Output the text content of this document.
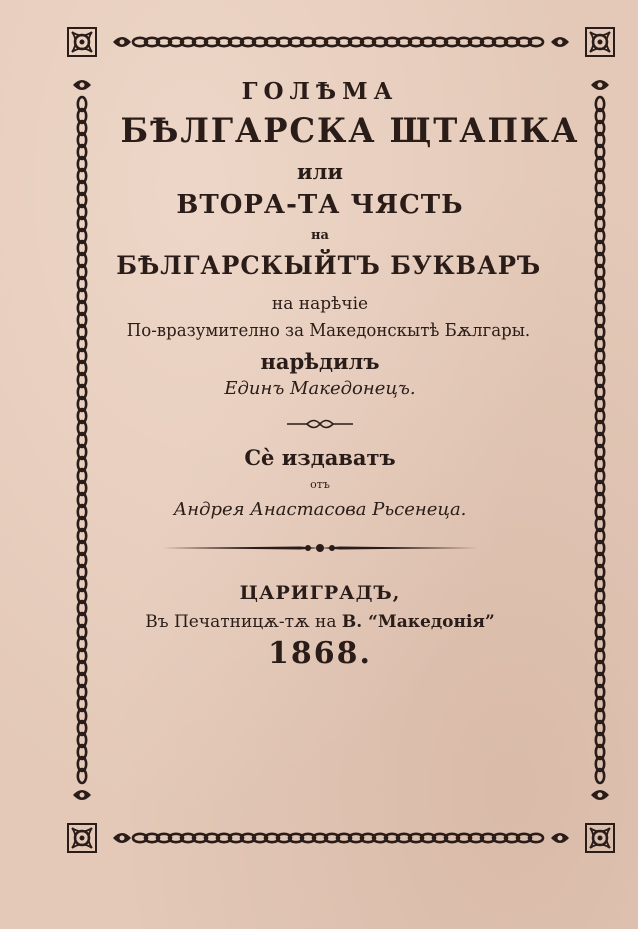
ГОЛѢМА
БѢЛГАРСКА ЩТАПКА
или
ВТОРА-ТА ЧЯСТЬ
на
БѢЛГАРСКЫЙТЪ БУКВАРЪ
на нарѣчіе
По-вразумително за Македонскытѣ Бѫлгары.
нарѣдилъ
Единъ Македонецъ.
Сѐ издаватъ
отъ
Андрея Анастасова Рьсенеца.
ЦАРИГРАДЪ,
Въ Печатницѫ-тѫ на В. “Македонія”
1868.
